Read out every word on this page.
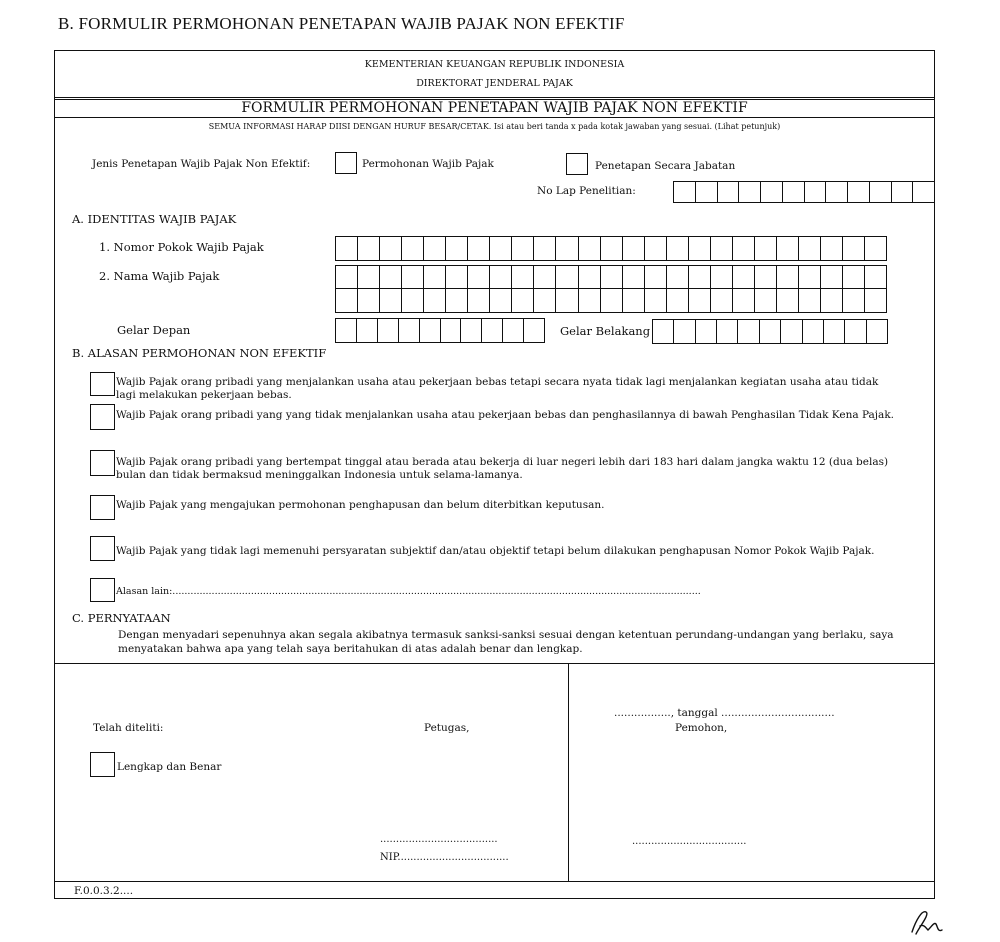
B. FORMULIR PERMOHONAN PENETAPAN WAJIB PAJAK NON EFEKTIF
KEMENTERIAN KEUANGAN REPUBLIK INDONESIA
DIREKTORAT JENDERAL PAJAK
FORMULIR PERMOHONAN PENETAPAN WAJIB PAJAK NON EFEKTIF
SEMUA INFORMASI HARAP DIISI DENGAN HURUF BESAR/CETAK. Isi atau beri tanda x pada kotak jawaban yang sesuai. (Lihat petunjuk)
Jenis Penetapan Wajib Pajak Non Efektif:	Permohonan Wajib Pajak	Penetapan Secara Jabatan
No Lap Penelitian:
A. IDENTITAS WAJIB PAJAK
1. Nomor Pokok Wajib Pajak
2. Nama Wajib Pajak
Gelar Depan	Gelar Belakang
B. ALASAN PERMOHONAN NON EFEKTIF
Wajib Pajak orang pribadi yang menjalankan usaha atau pekerjaan bebas tetapi secara nyata tidak lagi menjalankan kegiatan usaha atau tidak lagi melakukan pekerjaan bebas.
Wajib Pajak orang pribadi yang yang tidak menjalankan usaha atau pekerjaan bebas dan penghasilannya di bawah Penghasilan Tidak Kena Pajak.
Wajib Pajak orang pribadi yang bertempat tinggal atau berada atau bekerja di luar negeri lebih dari 183 hari dalam jangka waktu 12 (dua belas) bulan dan tidak bermaksud meninggalkan Indonesia untuk selama-lamanya.
Wajib Pajak yang mengajukan permohonan penghapusan dan belum diterbitkan keputusan.
Wajib Pajak yang tidak lagi memenuhi persyaratan subjektif dan/atau objektif tetapi belum dilakukan penghapusan Nomor Pokok Wajib Pajak.
Alasan lain:...............................................................................................................................................................................
C. PERNYATAAN
Dengan menyadari sepenuhnya akan segala akibatnya termasuk sanksi-sanksi sesuai dengan ketentuan perundang-undangan yang berlaku, saya menyatakan bahwa apa yang telah saya beritahukan di atas adalah benar dan lengkap.
Telah diteliti:	Petugas,
................., tanggal ..................................
Pemohon,
Lengkap dan Benar
.....................................
NIP...................................
....................................
F.0.0.3.2....
